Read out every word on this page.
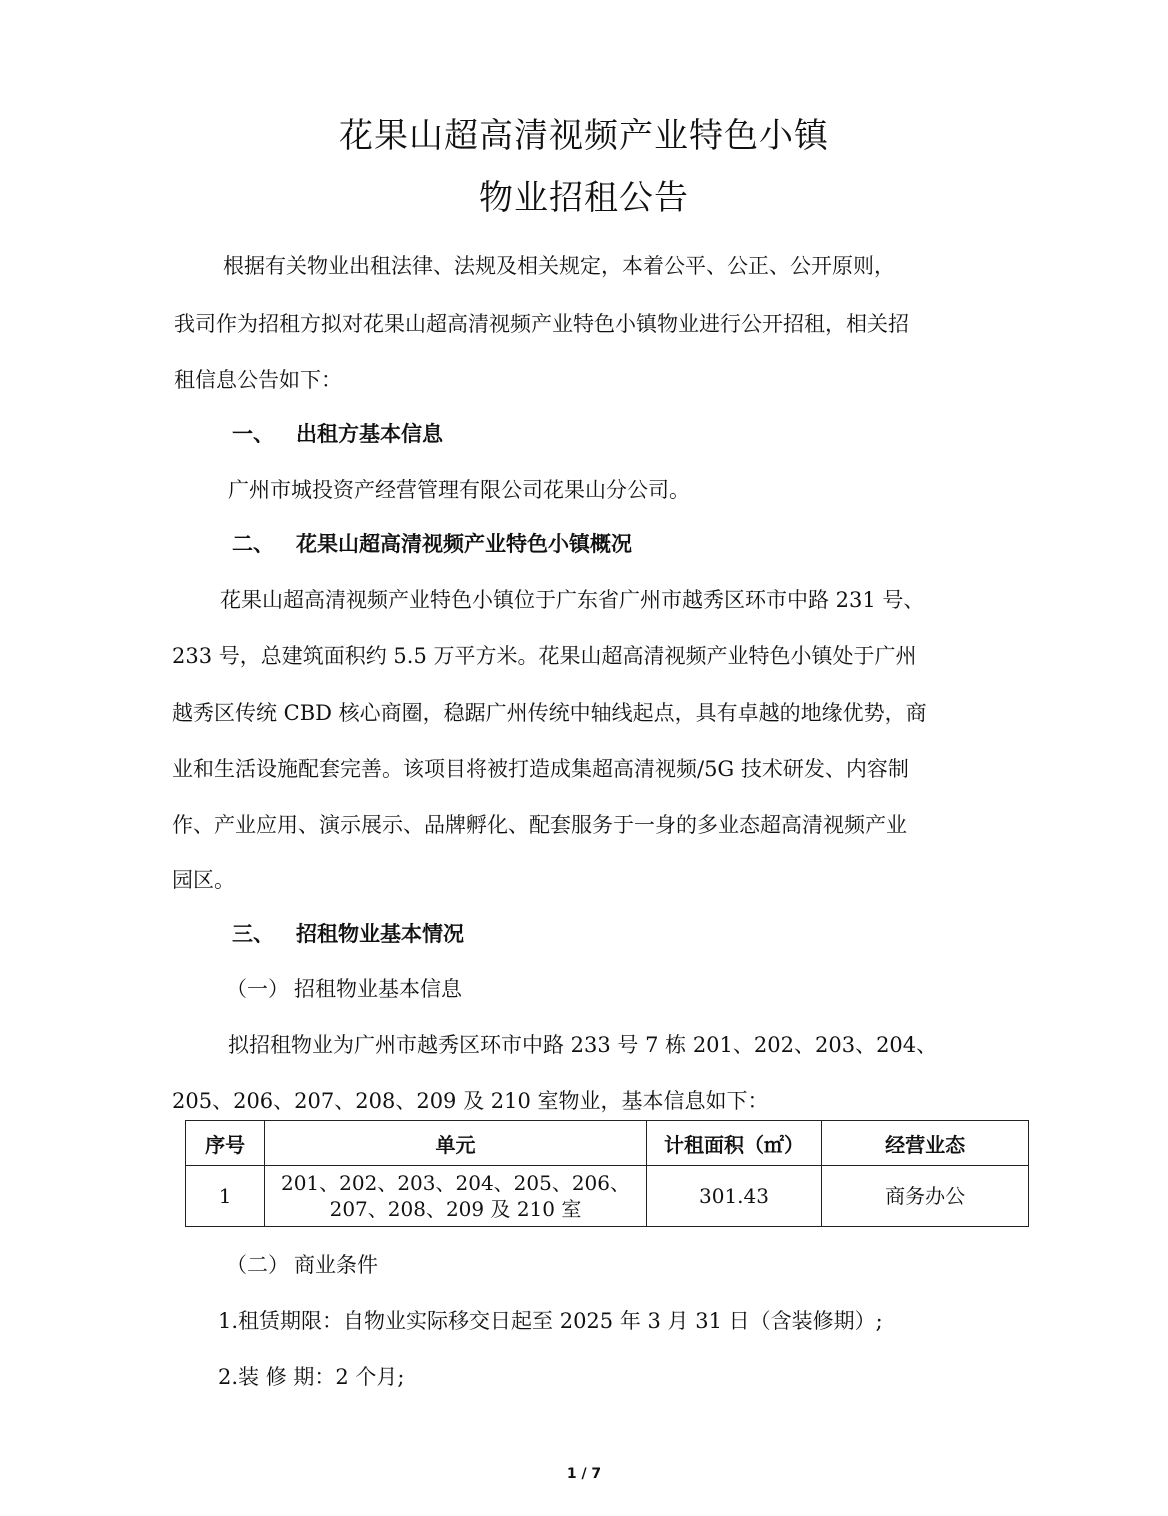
花果山超高清视频产业特色小镇
物业招租公告
根据有关物业出租法律、法规及相关规定，本着公平、公正、公开原则，
我司作为招租方拟对花果山超高清视频产业特色小镇物业进行公开招租，相关招
租信息公告如下：
一、 出租方基本信息
广州市城投资产经营管理有限公司花果山分公司。
二、 花果山超高清视频产业特色小镇概况
花果山超高清视频产业特色小镇位于广东省广州市越秀区环市中路 231 号、
233 号，总建筑面积约 5.5 万平方米。花果山超高清视频产业特色小镇处于广州
越秀区传统 CBD 核心商圈，稳踞广州传统中轴线起点，具有卓越的地缘优势，商
业和生活设施配套完善。该项目将被打造成集超高清视频/5G 技术研发、内容制
作、产业应用、演示展示、品牌孵化、配套服务于一身的多业态超高清视频产业
园区。
三、 招租物业基本情况
（一） 招租物业基本信息
拟招租物业为广州市越秀区环市中路 233 号 7 栋 201、202、203、204、
205、206、207、208、209 及 210 室物业，基本信息如下：
序号	单元	计租面积（㎡）	经营业态
1	201、202、203、204、205、206、
207、208、209 及 210 室	301.43	商务办公
（二） 商业条件
1.租赁期限：自物业实际移交日起至 2025 年 3 月 31 日（含装修期）;
2.装 修 期：2 个月;
1 / 7
